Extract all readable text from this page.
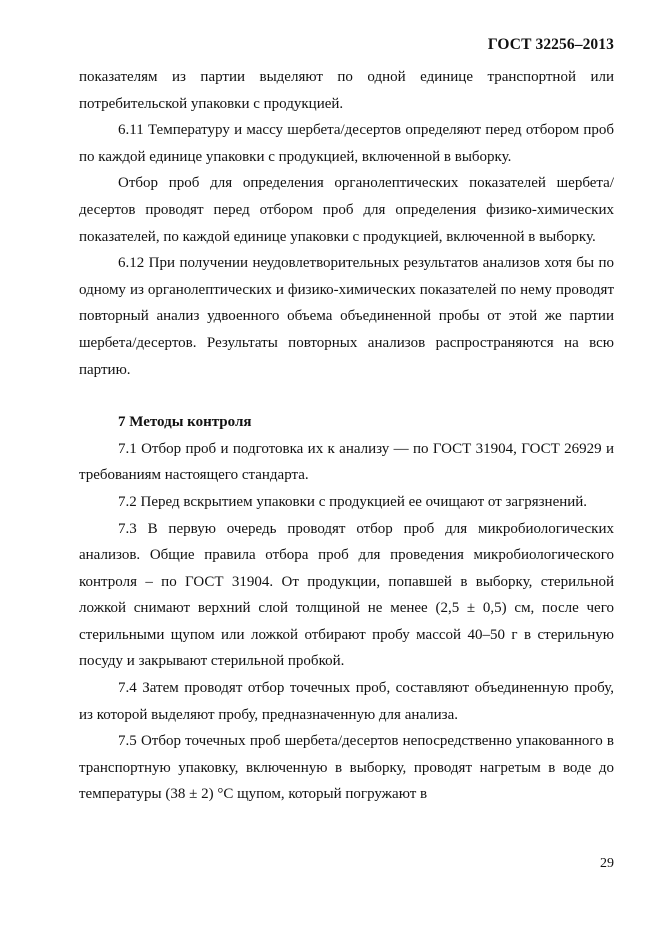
ГОСТ 32256–2013

показателям из партии выделяют по одной единице транспортной или потребительской упаковки с продукцией.

6.11 Температуру и массу шербета/десертов определяют перед отбором проб по каждой единице упаковки с продукцией, включенной в выборку.

Отбор проб для определения органолептических показателей шербета/десертов проводят перед отбором проб для определения физико-химических показателей, по каждой единице упаковки с продукцией, включенной в выборку.

6.12 При получении неудовлетворительных результатов анализов хотя бы по одному из органолептических и физико-химических показателей по нему проводят повторный анализ удвоенного объема объединенной пробы от этой же партии шербета/десертов. Результаты повторных анализов распространяются на всю партию.

7 Методы контроля

7.1 Отбор проб и подготовка их к анализу — по ГОСТ 31904, ГОСТ 26929 и требованиям настоящего стандарта.

7.2 Перед вскрытием упаковки с продукцией ее очищают от загрязнений.

7.3 В первую очередь проводят отбор проб для микробиологических анализов. Общие правила отбора проб для проведения микробиологического контроля – по ГОСТ 31904. От продукции, попавшей в выборку, стерильной ложкой снимают верхний слой толщиной не менее (2,5 ± 0,5) см, после чего стерильными щупом или ложкой отбирают пробу массой 40–50 г в стерильную посуду и закрывают стерильной пробкой.

7.4 Затем проводят отбор точечных проб, составляют объединенную пробу, из которой выделяют пробу, предназначенную для анализа.

7.5 Отбор точечных проб шербета/десертов непосредственно упакованного в транспортную упаковку, включенную в выборку, проводят нагретым в воде до температуры (38 ± 2) °С щупом, который погружают в

29
